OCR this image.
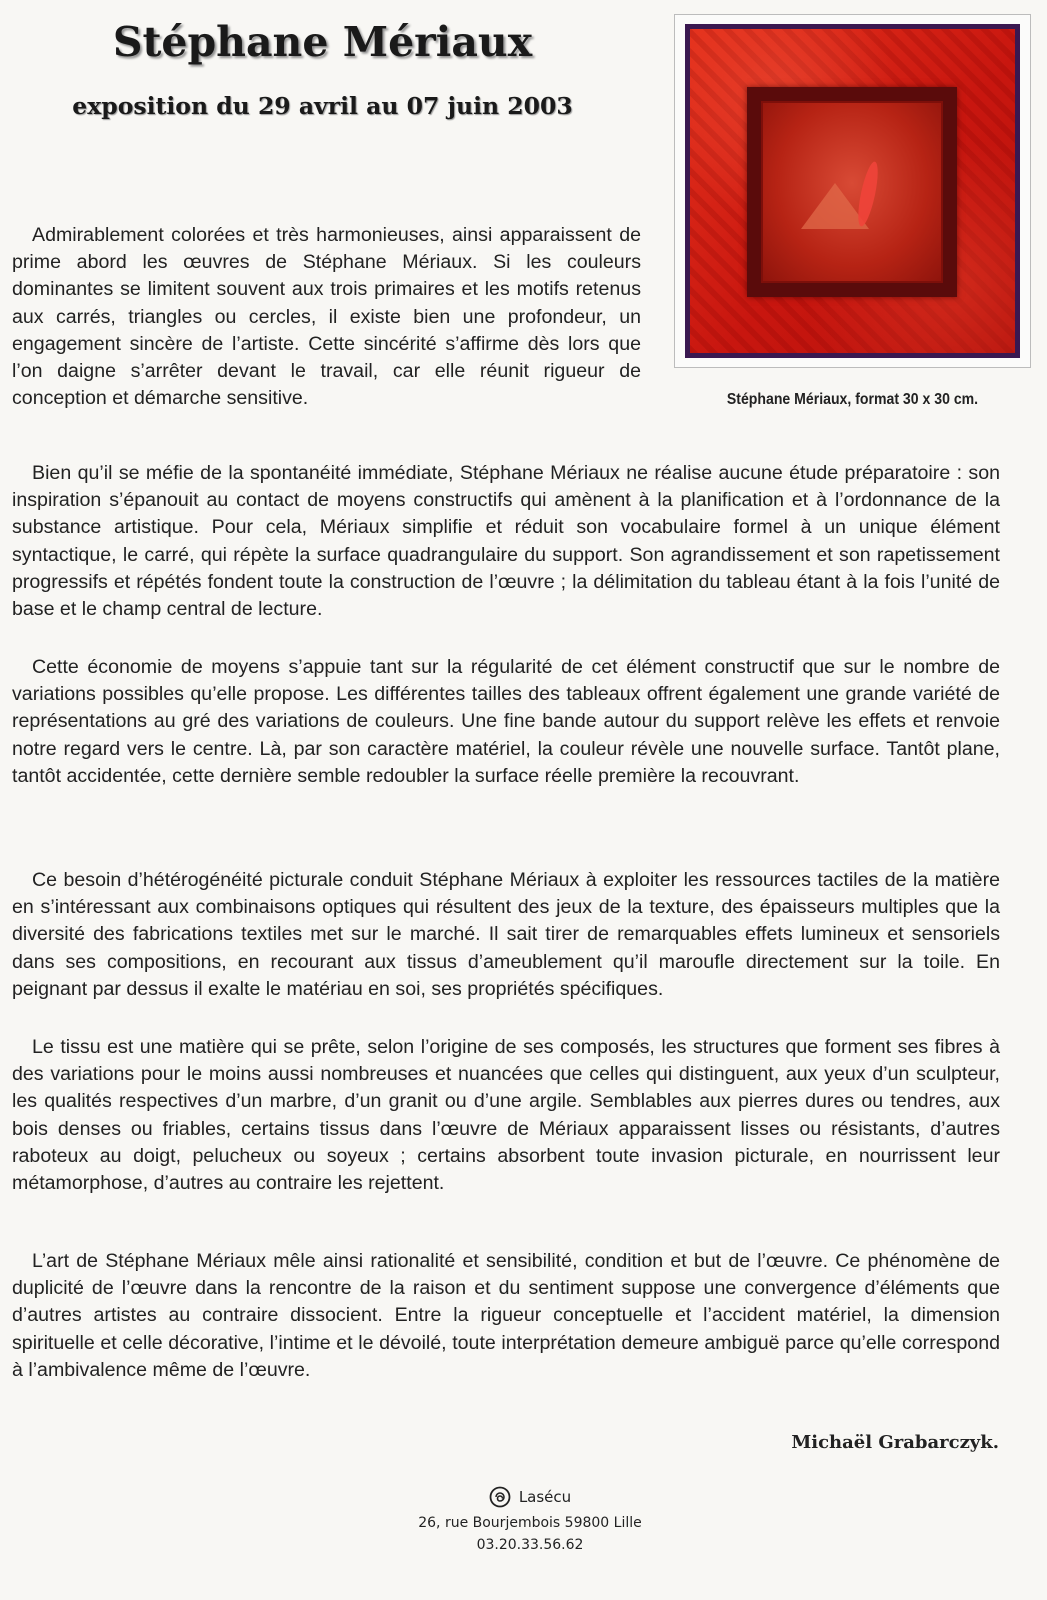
Stéphane Mériaux
exposition du 29 avril au 07 juin 2003
Stéphane Mériaux, format 30 x 30 cm.

Admirablement colorées et très harmonieuses, ainsi apparaissent de prime abord les œuvres de Stéphane Mériaux. Si les couleurs dominantes se limitent souvent aux trois primaires et les motifs retenus aux carrés, triangles ou cercles, il existe bien une profondeur, un engagement sincère de l’artiste. Cette sincérité s’affirme dès lors que l’on daigne s’arrêter devant le travail, car elle réunit rigueur de conception et démarche sensitive.

Bien qu’il se méfie de la spontanéité immédiate, Stéphane Mériaux ne réalise aucune étude préparatoire : son inspiration s’épanouit au contact de moyens constructifs qui amènent à la planification et à l’ordonnance de la substance artistique. Pour cela, Mériaux simplifie et réduit son vocabulaire formel à un unique élément syntactique, le carré, qui répète la surface quadrangulaire du support. Son agrandissement et son rapetissement progressifs et répétés fondent toute la construction de l’œuvre ; la délimitation du tableau étant à la fois l’unité de base et le champ central de lecture.

Cette économie de moyens s’appuie tant sur la régularité de cet élément constructif que sur le nombre de variations possibles qu’elle propose. Les différentes tailles des tableaux offrent également une grande variété de représentations au gré des variations de couleurs. Une fine bande autour du support relève les effets et renvoie notre regard vers le centre. Là, par son caractère matériel, la couleur révèle une nouvelle surface. Tantôt plane, tantôt accidentée, cette dernière semble redoubler la surface réelle première la recouvrant.

Ce besoin d’hétérogénéité picturale conduit Stéphane Mériaux à exploiter les ressources tactiles de la matière en s’intéressant aux combinaisons optiques qui résultent des jeux de la texture, des épaisseurs multiples que la diversité des fabrications textiles met sur le marché. Il sait tirer de remarquables effets lumineux et sensoriels dans ses compositions, en recourant aux tissus d’ameublement qu’il maroufle directement sur la toile. En peignant par dessus il exalte le matériau en soi, ses propriétés spécifiques.

Le tissu est une matière qui se prête, selon l’origine de ses composés, les structures que forment ses fibres à des variations pour le moins aussi nombreuses et nuancées que celles qui distinguent, aux yeux d’un sculpteur, les qualités respectives d’un marbre, d’un granit ou d’une argile. Semblables aux pierres dures ou tendres, aux bois denses ou friables, certains tissus dans l’œuvre de Mériaux apparaissent lisses ou résistants, d’autres raboteux au doigt, pelucheux ou soyeux ; certains absorbent toute invasion picturale, en nourrissent leur métamorphose, d’autres au contraire les rejettent.

L’art de Stéphane Mériaux mêle ainsi rationalité et sensibilité, condition et but de l’œuvre. Ce phénomène de duplicité de l’œuvre dans la rencontre de la raison et du sentiment suppose une convergence d’éléments que d’autres artistes au contraire dissocient. Entre la rigueur conceptuelle et l’accident matériel, la dimension spirituelle et celle décorative, l’intime et le dévoilé, toute interprétation demeure ambiguë parce qu’elle correspond à l’ambivalence même de l’œuvre.

Michaël Grabarczyk.
Lasécu
26, rue Bourjembois 59800 Lille
03.20.33.56.62
